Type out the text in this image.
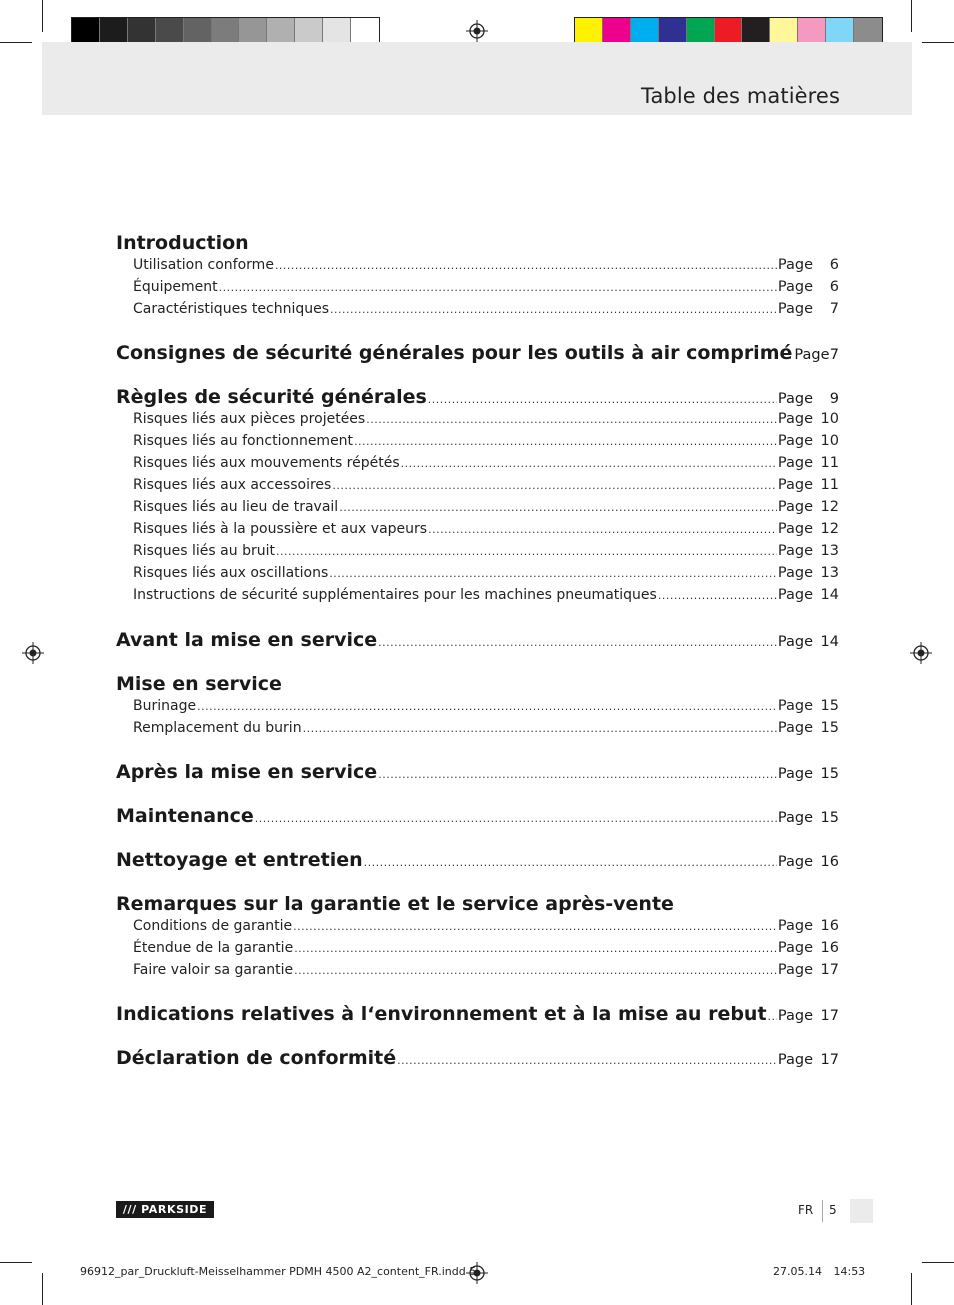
Table des matières
Introduction
Utilisation conforme .....	Page	6
Équipement .....	Page	6
Caractéristiques techniques .....	Page	7
Consignes de sécurité générales pour les outils à air comprimé Page 7
Règles de sécurité générales .....	Page	9
Risques liés aux pièces projetées .....	Page 10
Risques liés au fonctionnement .....	Page 10
Risques liés aux mouvements répétés .....	Page 11
Risques liés aux accessoires .....	Page 11
Risques liés au lieu de travail .....	Page 12
Risques liés à la poussière et aux vapeurs .....	Page 12
Risques liés au bruit .....	Page 13
Risques liés aux oscillations .....	Page 13
Instructions de sécurité supplémentaires pour les machines pneumatiques .....	Page 14
Avant la mise en service .....	Page 14
Mise en service
Burinage .....	Page 15
Remplacement du burin .....	Page 15
Après la mise en service .....	Page 15
Maintenance .....	Page 15
Nettoyage et entretien .....	Page 16
Remarques sur la garantie et le service après-vente
Conditions de garantie .....	Page 16
Étendue de la garantie .....	Page 16
Faire valoir sa garantie .....	Page 17
Indications relatives à l‘environnement et à la mise au rebut ..... Page 17
Déclaration de conformité .....	Page 17
/// PARKSIDE	FR 5
96912_par_Druckluft-Meisselhammer PDMH 4500 A2_content_FR.indd 5	27.05.14 14:53
